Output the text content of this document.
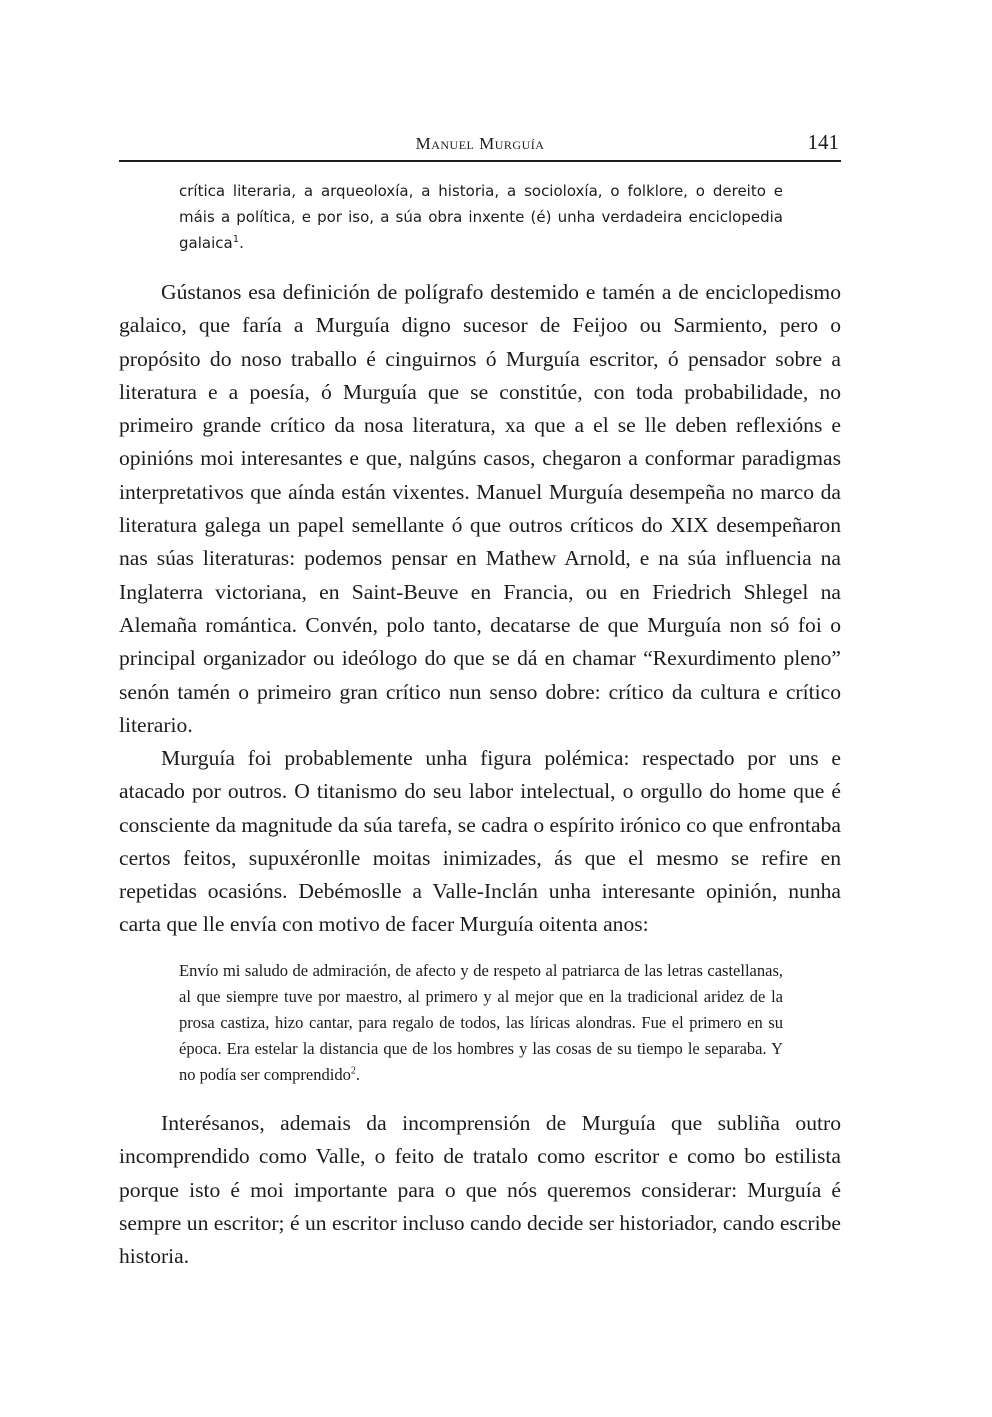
Manuel Murguía	141
crítica literaria, a arqueoloxía, a historia, a socioloxía, o folklore, o dereito e máis a política, e por iso, a súa obra inxente (é) unha verdadeira enciclopedia galaica$^1$.

Gústanos esa definición de polígrafo destemido e tamén a de enciclopedismo galaico, que faría a Murguía digno sucesor de Feijoo ou Sarmiento, pero o propósito do noso traballo é cinguirnos ó Murguía escritor, ó pensador sobre a literatura e a poesía, ó Murguía que se constitúe, con toda probabilidade, no primeiro grande crítico da nosa literatura, xa que a el se lle deben reflexións e opinións moi interesantes e que, nalgúns casos, chegaron a conformar paradigmas interpretativos que aínda están vixentes. Manuel Murguía desempeña no marco da literatura galega un papel semellante ó que outros críticos do XIX desempeñaron nas súas literaturas: podemos pensar en Mathew Arnold, e na súa influencia na Inglaterra victoriana, en Saint-Beuve en Francia, ou en Friedrich Shlegel na Alemaña romántica. Convén, polo tanto, decatarse de que Murguía non só foi o principal organizador ou ideólogo do que se dá en chamar “Rexurdimento pleno” senón tamén o primeiro gran crítico nun senso dobre: crítico da cultura e crítico literario.

Murguía foi probablemente unha figura polémica: respectado por uns e atacado por outros. O titanismo do seu labor intelectual, o orgullo do home que é consciente da magnitude da súa tarefa, se cadra o espírito irónico co que enfrontaba certos feitos, supuxéronlle moitas inimizades, ás que el mesmo se refire en repetidas ocasións. Debémoslle a Valle-Inclán unha interesante opinión, nunha carta que lle envía con motivo de facer Murguía oitenta anos:

Envío mi saludo de admiración, de afecto y de respeto al patriarca de las letras castellanas, al que siempre tuve por maestro, al primero y al mejor que en la tradicional aridez de la prosa castiza, hizo cantar, para regalo de todos, las líricas alondras. Fue el primero en su época. Era estelar la distancia que de los hombres y las cosas de su tiempo le separaba. Y no podía ser comprendido$^2$.

Interésanos, ademais da incomprensión de Murguía que subliña outro incomprendido como Valle, o feito de tratalo como escritor e como bo estilista porque isto é moi importante para o que nós queremos considerar: Murguía é sempre un escritor; é un escritor incluso cando decide ser historiador, cando escribe historia.
